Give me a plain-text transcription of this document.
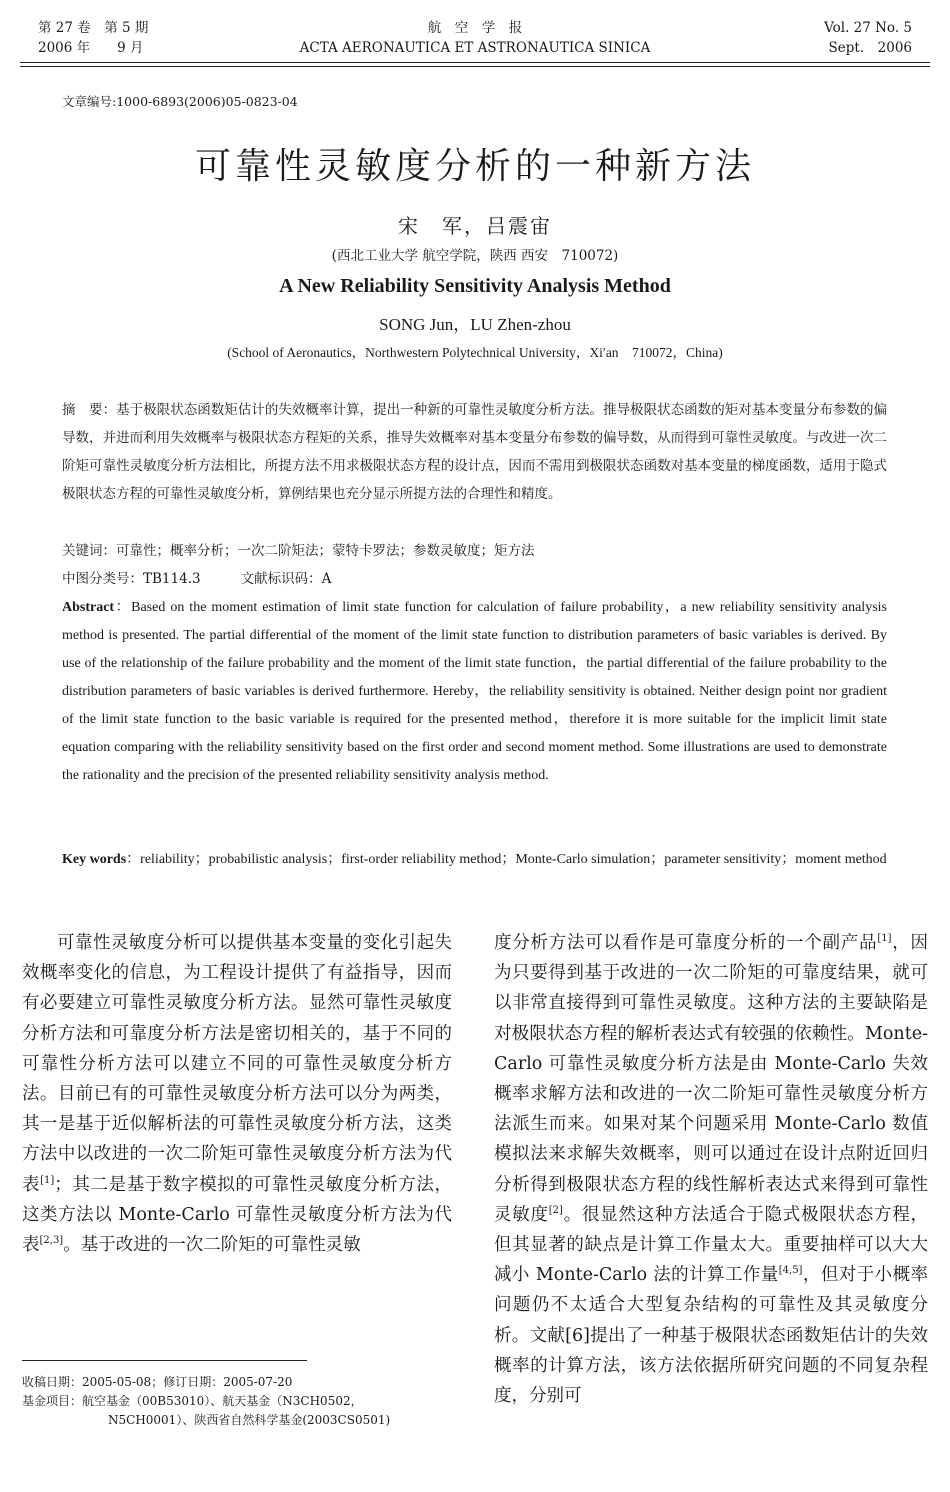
第 27 卷　第 5 期
2006 年　　9 月
航　空　学　报
ACTA AERONAUTICA ET ASTRONAUTICA SINICA
Vol. 27 No. 5
Sept.　2006
文章编号:1000-6893(2006)05-0823-04
可靠性灵敏度分析的一种新方法
宋　军，吕震宙
(西北工业大学 航空学院，陕西 西安　710072)
A New Reliability Sensitivity Analysis Method
SONG Jun，LU Zhen-zhou
(School of Aeronautics，Northwestern Polytechnical University，Xi′an　710072，China)
摘　要：基于极限状态函数矩估计的失效概率计算，提出一种新的可靠性灵敏度分析方法。推导极限状态函数的矩对基本变量分布参数的偏导数，并进而利用失效概率与极限状态方程矩的关系，推导失效概率对基本变量分布参数的偏导数，从而得到可靠性灵敏度。与改进一次二阶矩可靠性灵敏度分析方法相比，所提方法不用求极限状态方程的设计点，因而不需用到极限状态函数对基本变量的梯度函数，适用于隐式极限状态方程的可靠性灵敏度分析，算例结果也充分显示所提方法的合理性和精度。
关键词：可靠性；概率分析；一次二阶矩法；蒙特卡罗法；参数灵敏度；矩方法
中图分类号：TB114.3	文献标识码：A
Abstract：Based on the moment estimation of limit state function for calculation of failure probability，a new reliability sensitivity analysis method is presented. The partial differential of the moment of the limit state function to distribution parameters of basic variables is derived. By use of the relationship of the failure probability and the moment of the limit state function，the partial differential of the failure probability to the distribution parameters of basic variables is derived furthermore. Hereby，the reliability sensitivity is obtained. Neither design point nor gradient of the limit state function to the basic variable is required for the presented method，therefore it is more suitable for the implicit limit state equation comparing with the reliability sensitivity based on the first order and second moment method. Some illustrations are used to demonstrate the rationality and the precision of the presented reliability sensitivity analysis method.
Key words：reliability；probabilistic analysis；first-order reliability method；Monte-Carlo simulation；parameter sensitivity；moment method

可靠性灵敏度分析可以提供基本变量的变化引起失效概率变化的信息，为工程设计提供了有益指导，因而有必要建立可靠性灵敏度分析方法。显然可靠性灵敏度分析方法和可靠度分析方法是密切相关的，基于不同的可靠性分析方法可以建立不同的可靠性灵敏度分析方法。目前已有的可靠性灵敏度分析方法可以分为两类，其一是基于近似解析法的可靠性灵敏度分析方法，这类方法中以改进的一次二阶矩可靠性灵敏度分析方法为代表[1]；其二是基于数字模拟的可靠性灵敏度分析方法，这类方法以 Monte-Carlo 可靠性灵敏度分析方法为代表[2,3]。基于改进的一次二阶矩的可靠性灵敏

度分析方法可以看作是可靠度分析的一个副产品[1]，因为只要得到基于改进的一次二阶矩的可靠度结果，就可以非常直接得到可靠性灵敏度。这种方法的主要缺陷是对极限状态方程的解析表达式有较强的依赖性。Monte-Carlo 可靠性灵敏度分析方法是由 Monte-Carlo 失效概率求解方法和改进的一次二阶矩可靠性灵敏度分析方法派生而来。如果对某个问题采用 Monte-Carlo 数值模拟法来求解失效概率，则可以通过在设计点附近回归分析得到极限状态方程的线性解析表达式来得到可靠性灵敏度[2]。很显然这种方法适合于隐式极限状态方程，但其显著的缺点是计算工作量太大。重要抽样可以大大减小 Monte-Carlo 法的计算工作量[4,5]，但对于小概率问题仍不太适合大型复杂结构的可靠性及其灵敏度分析。文献[6]提出了一种基于极限状态函数矩估计的失效概率的计算方法，该方法依据所研究问题的不同复杂程度，分别可

收稿日期：2005-05-08；修订日期：2005-07-20
基金项目：航空基金（00B53010）、航天基金（N3CH0502，
N5CH0001）、陕西省自然科学基金(2003CS0501)
